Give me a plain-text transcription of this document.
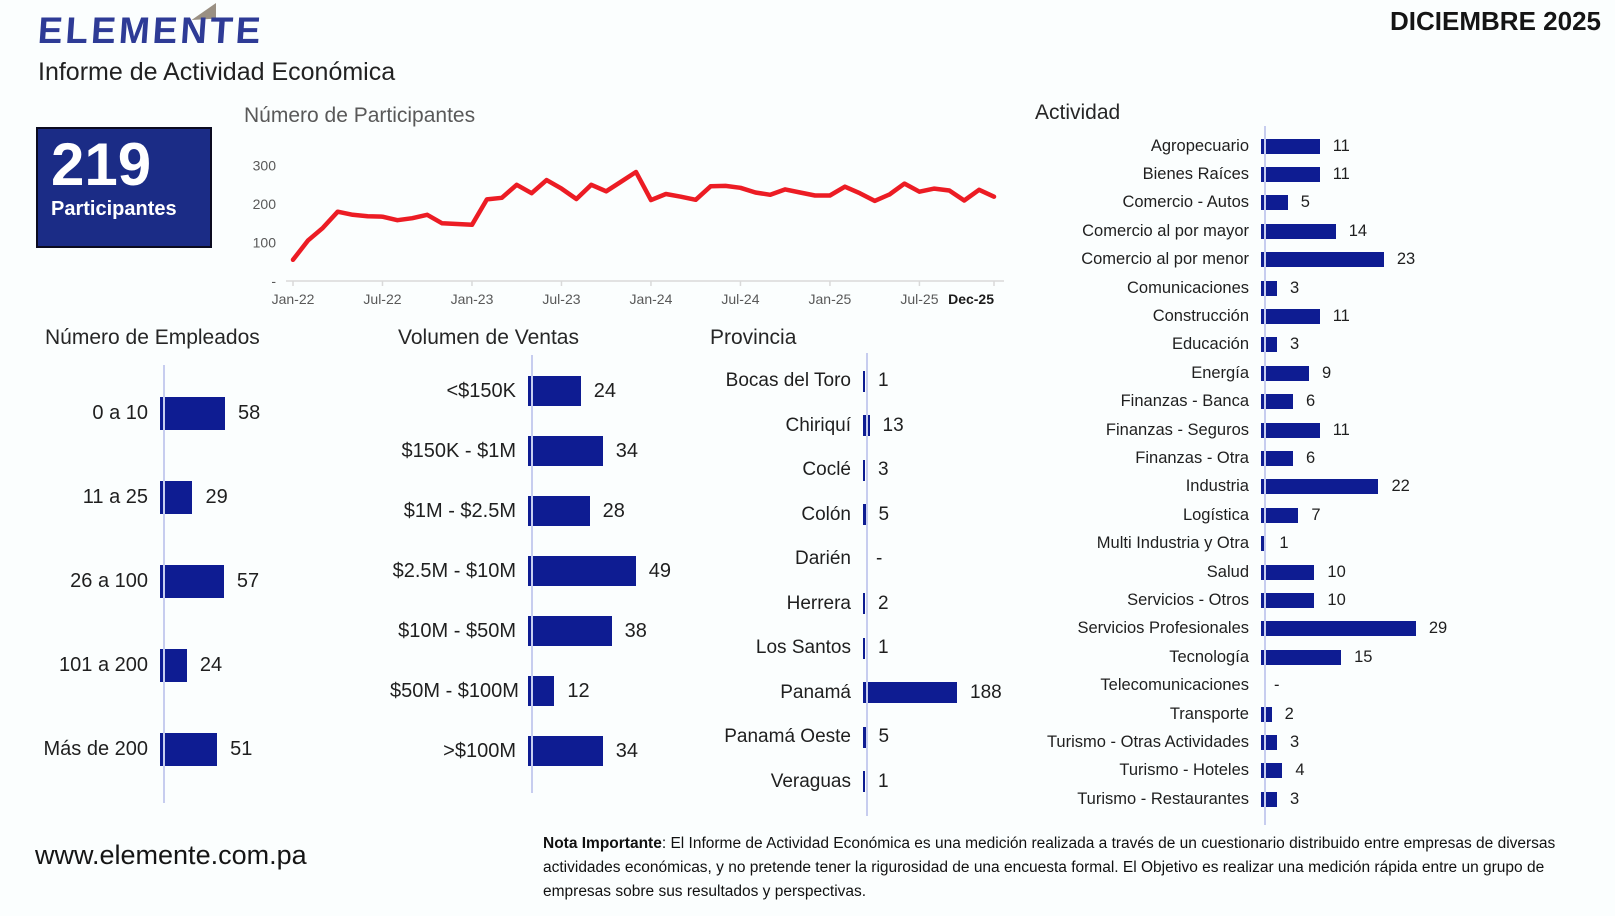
ELEMENTE
Informe de Actividad Económica
DICIEMBRE 2025
219
Participantes
Número de Participantes
300
200
100
-
Jan-22	Jul-22	Jan-23	Jul-23	Jan-24	Jul-24	Jan-25	Jul-25 Dec-25
Número de Empleados
0 a 10	58
11 a 25	29
26 a 100	57
101 a 200	24
Más de 200	51
Volumen de Ventas
<$150K	24
$150K - $1M	34
$1M - $2.5M	28
$2.5M - $10M	49
$10M - $50M	38
$50M - $100M	12
>$100M	34
Provincia
Bocas del Toro	1
Chiriquí	13
Coclé	3
Colón	5
Darién	-
Herrera	2
Los Santos	1
Panamá	188
Panamá Oeste	5
Veraguas	1
Actividad
Agropecuario	11
Bienes Raíces	11
Comercio - Autos	5
Comercio al por mayor	14
Comercio al por menor	23
Comunicaciones	3
Construcción	11
Educación	3
Energía	9
Finanzas - Banca	6
Finanzas - Seguros	11
Finanzas - Otra	6
Industria	22
Logística	7
Multi Industria y Otra	1
Salud	10
Servicios - Otros	10
Servicios Profesionales	29
Tecnología	15
Telecomunicaciones	-
Transporte	2
Turismo - Otras Actividades	3
Turismo - Hoteles	4
Turismo - Restaurantes	3
www.elemente.com.pa	Nota Importante: El Informe de Actividad Económica es una medición realizada a través de un cuestionario distribuido entre empresas de diversas actividades económicas, y no pretende tener la rigurosidad de una encuesta formal. El Objetivo es realizar una medición rápida entre un grupo de empresas sobre sus resultados y perspectivas.
